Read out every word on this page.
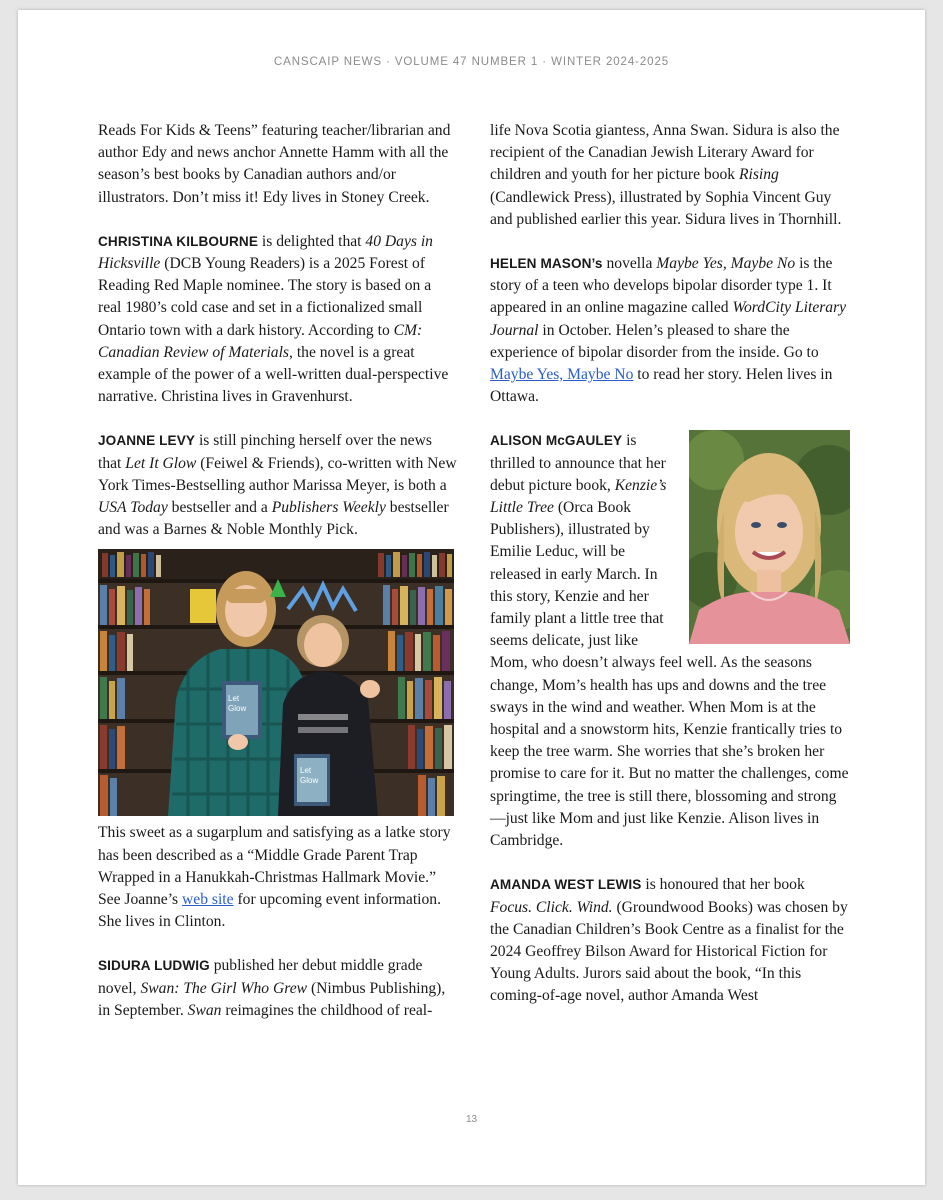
CANSCAIP NEWS · VOLUME 47 NUMBER 1 · WINTER 2024-2025

Reads For Kids & Teens” featuring teacher/librarian and author Edy and news anchor Annette Hamm with all the season’s best books by Canadian authors and/or illustrators. Don’t miss it! Edy lives in Stoney Creek.

CHRISTINA KILBOURNE is delighted that 40 Days in Hicksville (DCB Young Readers) is a 2025 Forest of Reading Red Maple nominee. The story is based on a real 1980’s cold case and set in a fictionalized small Ontario town with a dark history. According to CM: Canadian Review of Materials, the novel is a great example of the power of a well-written dual-perspective narrative. Christina lives in Gravenhurst.

JOANNE LEVY is still pinching herself over the news that Let It Glow (Feiwel & Friends), co-written with New York Times-Bestselling author Marissa Meyer, is both a USA Today bestseller and a Publishers Weekly bestseller and was a Barnes & Noble Monthly Pick.

Let
Glow
Let
Glow

This sweet as a sugarplum and satisfying as a latke story has been described as a “Middle Grade Parent Trap Wrapped in a Hanukkah-Christmas Hallmark Movie.” See Joanne’s web site for upcoming event information. She lives in Clinton.

SIDURA LUDWIG published her debut middle grade novel, Swan: The Girl Who Grew (Nimbus Publishing), in September. Swan reimagines the childhood of real-

life Nova Scotia giantess, Anna Swan. Sidura is also the recipient of the Canadian Jewish Literary Award for children and youth for her picture book Rising (Candlewick Press), illustrated by Sophia Vincent Guy and published earlier this year. Sidura lives in Thornhill.

HELEN MASON’s novella Maybe Yes, Maybe No is the story of a teen who develops bipolar disorder type 1. It appeared in an online magazine called WordCity Literary Journal in October. Helen’s pleased to share the experience of bipolar disorder from the inside. Go to Maybe Yes, Maybe No to read her story. Helen lives in Ottawa.

ALISON McGAULEY is thrilled to announce that her debut picture book, Kenzie’s Little Tree (Orca Book Publishers), illustrated by Emilie Leduc, will be released in early March. In this story, Kenzie and her family plant a little tree that seems delicate, just like Mom, who doesn’t always feel well. As the seasons change, Mom’s health has ups and downs and the tree sways in the wind and weather. When Mom is at the hospital and a snowstorm hits, Kenzie frantically tries to keep the tree warm. She worries that she’s broken her promise to care for it. But no matter the challenges, come springtime, the tree is still there, blossoming and strong—just like Mom and just like Kenzie. Alison lives in Cambridge.

AMANDA WEST LEWIS is honoured that her book Focus. Click. Wind. (Groundwood Books) was chosen by the Canadian Children’s Book Centre as a finalist for the 2024 Geoffrey Bilson Award for Historical Fiction for Young Adults. Jurors said about the book, “In this coming-of-age novel, author Amanda West

13
